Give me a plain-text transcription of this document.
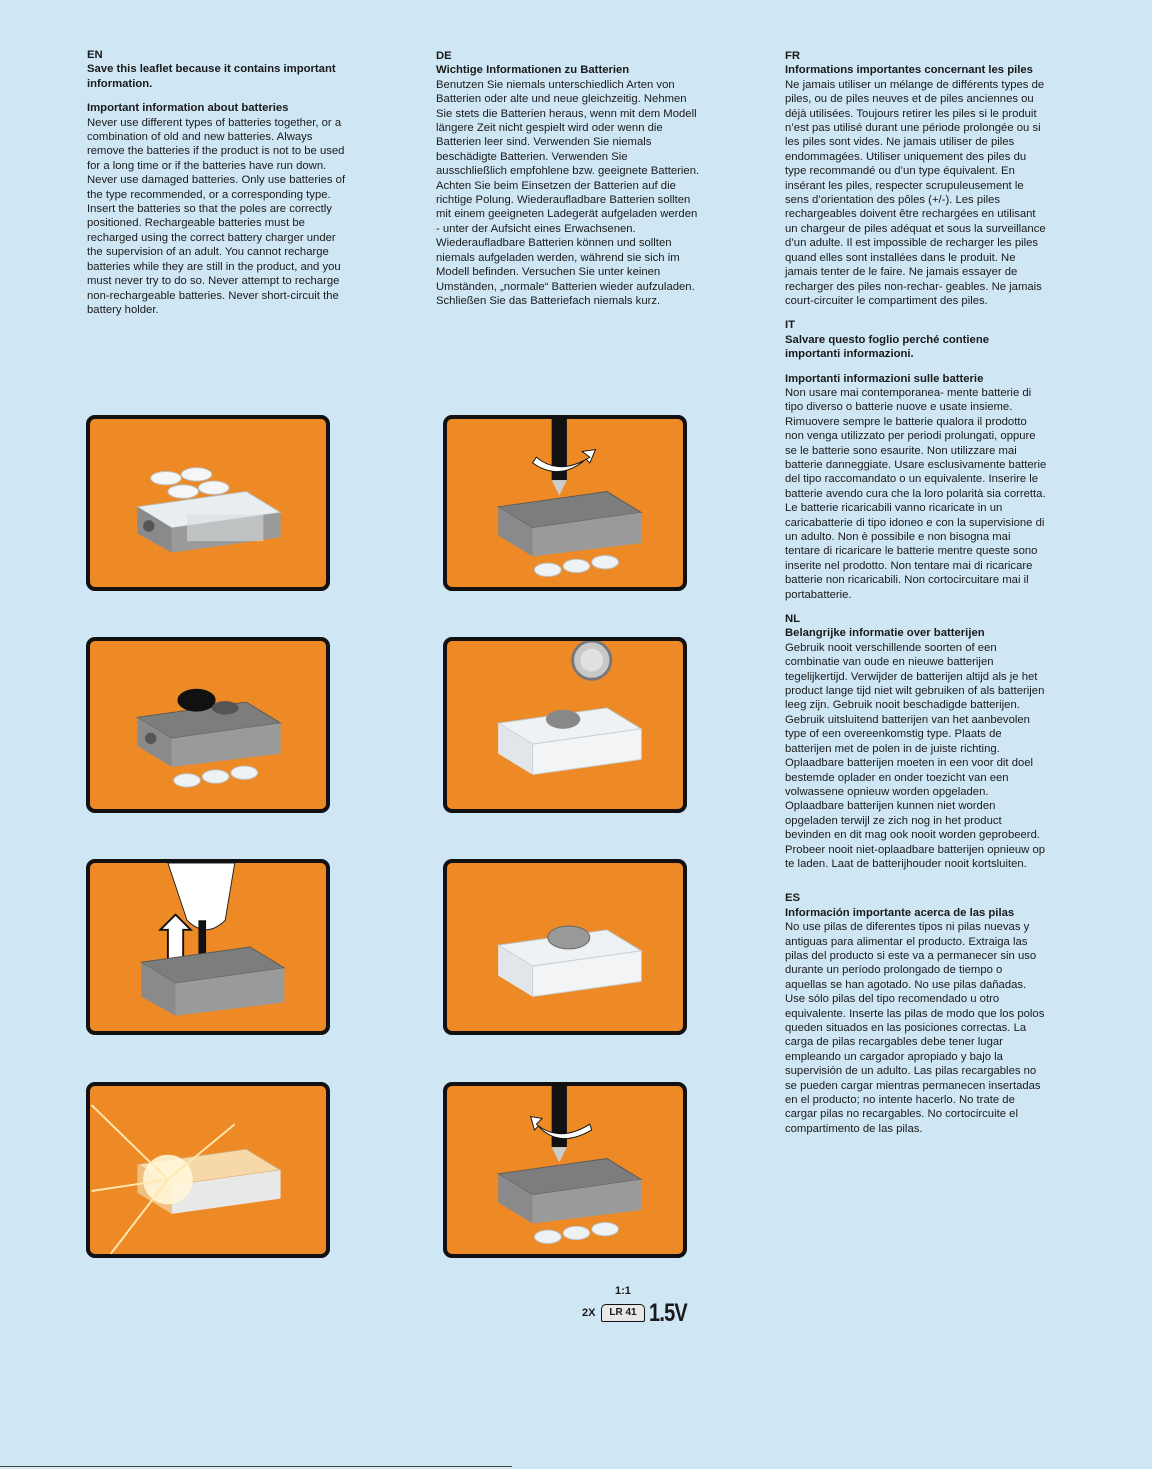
EN

Save this leaflet because it contains important information.

Important information about batteries

Never use different types of batteries together, or a combination of old and new batteries. Always remove the batteries if the product is not to be used for a long time or if the batteries have run down. Never use damaged batteries. Only use batteries of the type recommended, or a corresponding type. Insert the batteries so that the poles are correctly positioned. Rechargeable batteries must be recharged using the correct battery charger under the supervision of an adult. You cannot recharge batteries while they are still in the product, and you must never try to do so. Never attempt to recharge non-rechargeable batteries. Never short-circuit the battery holder.

DE

Wichtige Informationen zu Batterien

Benutzen Sie niemals unterschiedlich Arten von Batterien oder alte und neue gleichzeitig. Nehmen Sie stets die Batterien heraus, wenn mit dem Modell längere Zeit nicht gespielt wird oder wenn die Batterien leer sind. Verwenden Sie niemals beschädigte Batterien. Verwenden Sie ausschließlich empfohlene bzw. geeignete Batterien. Achten Sie beim Einsetzen der Batterien auf die richtige Polung. Wiederaufladbare Batterien sollten mit einem geeigneten Ladegerät aufgeladen werden - unter der Aufsicht eines Erwachsenen. Wiederaufladbare Batterien können und sollten niemals aufgeladen werden, während sie sich im Modell befinden. Versuchen Sie unter keinen Umständen, „normale“ Batterien wieder aufzuladen. Schließen Sie das Batteriefach niemals kurz.

FR

Informations importantes concernant les piles

Ne jamais utiliser un mélange de différents types de piles, ou de piles neuves et de piles anciennes ou déjà utilisées. Toujours retirer les piles si le produit n’est pas utilisé durant une période prolongée ou si les piles sont vides. Ne jamais utiliser de piles endommagées. Utiliser uniquement des piles du type recommandé ou d’un type équivalent. En insérant les piles, respecter scrupuleusement le sens d’orientation des pôles (+/-). Les piles rechargeables doivent être rechargées en utilisant un chargeur de piles adéquat et sous la surveillance d’un adulte. Il est impossible de recharger les piles quand elles sont installées dans le produit. Ne jamais tenter de le faire. Ne jamais essayer de recharger des piles non-rechar- geables. Ne jamais court-circuiter le compartiment des piles.

IT

Salvare questo foglio perché contiene importanti informazioni.

Importanti informazioni sulle batterie

Non usare mai contemporanea- mente batterie di tipo diverso o batterie nuove e usate insieme. Rimuovere sempre le batterie qualora il prodotto non venga utilizzato per periodi prolungati, oppure se le batterie sono esaurite. Non utilizzare mai batterie danneggiate. Usare esclusivamente batterie del tipo raccomandato o un equivalente. Inserire le batterie avendo cura che la loro polarità sia corretta. Le batterie ricaricabili vanno ricaricate in un caricabatterie di tipo idoneo e con la supervisione di un adulto. Non è possibile e non bisogna mai tentare di ricaricare le batterie mentre queste sono inserite nel prodotto. Non tentare mai di ricaricare batterie non ricaricabili. Non cortocircuitare mai il portabatterie.

NL

Belangrijke informatie over batterijen

Gebruik nooit verschillende soorten of een combinatie van oude en nieuwe batterijen tegelijkertijd. Verwijder de batterijen altijd als je het product lange tijd niet wilt gebruiken of als batterijen leeg zijn. Gebruik nooit beschadigde batterijen. Gebruik uitsluitend batterijen van het aanbevolen type of een overeenkomstig type. Plaats de batterijen met de polen in de juiste richting. Oplaadbare batterijen moeten in een voor dit doel bestemde oplader en onder toezicht van een volwassene opnieuw worden opgeladen. Oplaadbare batterijen kunnen niet worden opgeladen terwijl ze zich nog in het product bevinden en dit mag ook nooit worden geprobeerd. Probeer nooit niet-oplaadbare batterijen opnieuw op te laden. Laat de batterijhouder nooit kortsluiten.

ES

Información importante acerca de las pilas

No use pilas de diferentes tipos ni pilas nuevas y antiguas para alimentar el producto. Extraiga las pilas del producto si este va a permanecer sin uso durante un período prolongado de tiempo o aquellas se han agotado. No use pilas dañadas. Use sólo pilas del tipo recomendado u otro equivalente. Inserte las pilas de modo que los polos queden situados en las posiciones correctas. La carga de pilas recargables debe tener lugar empleando un cargador apropiado y bajo la supervisión de un adulto. Las pilas recargables no se pueden cargar mientras permanecen insertadas en el producto; no intente hacerlo. No trate de cargar pilas no recargables. No cortocircuite el compartimento de las pilas.

1:1
2X	LR 41 1.5V
